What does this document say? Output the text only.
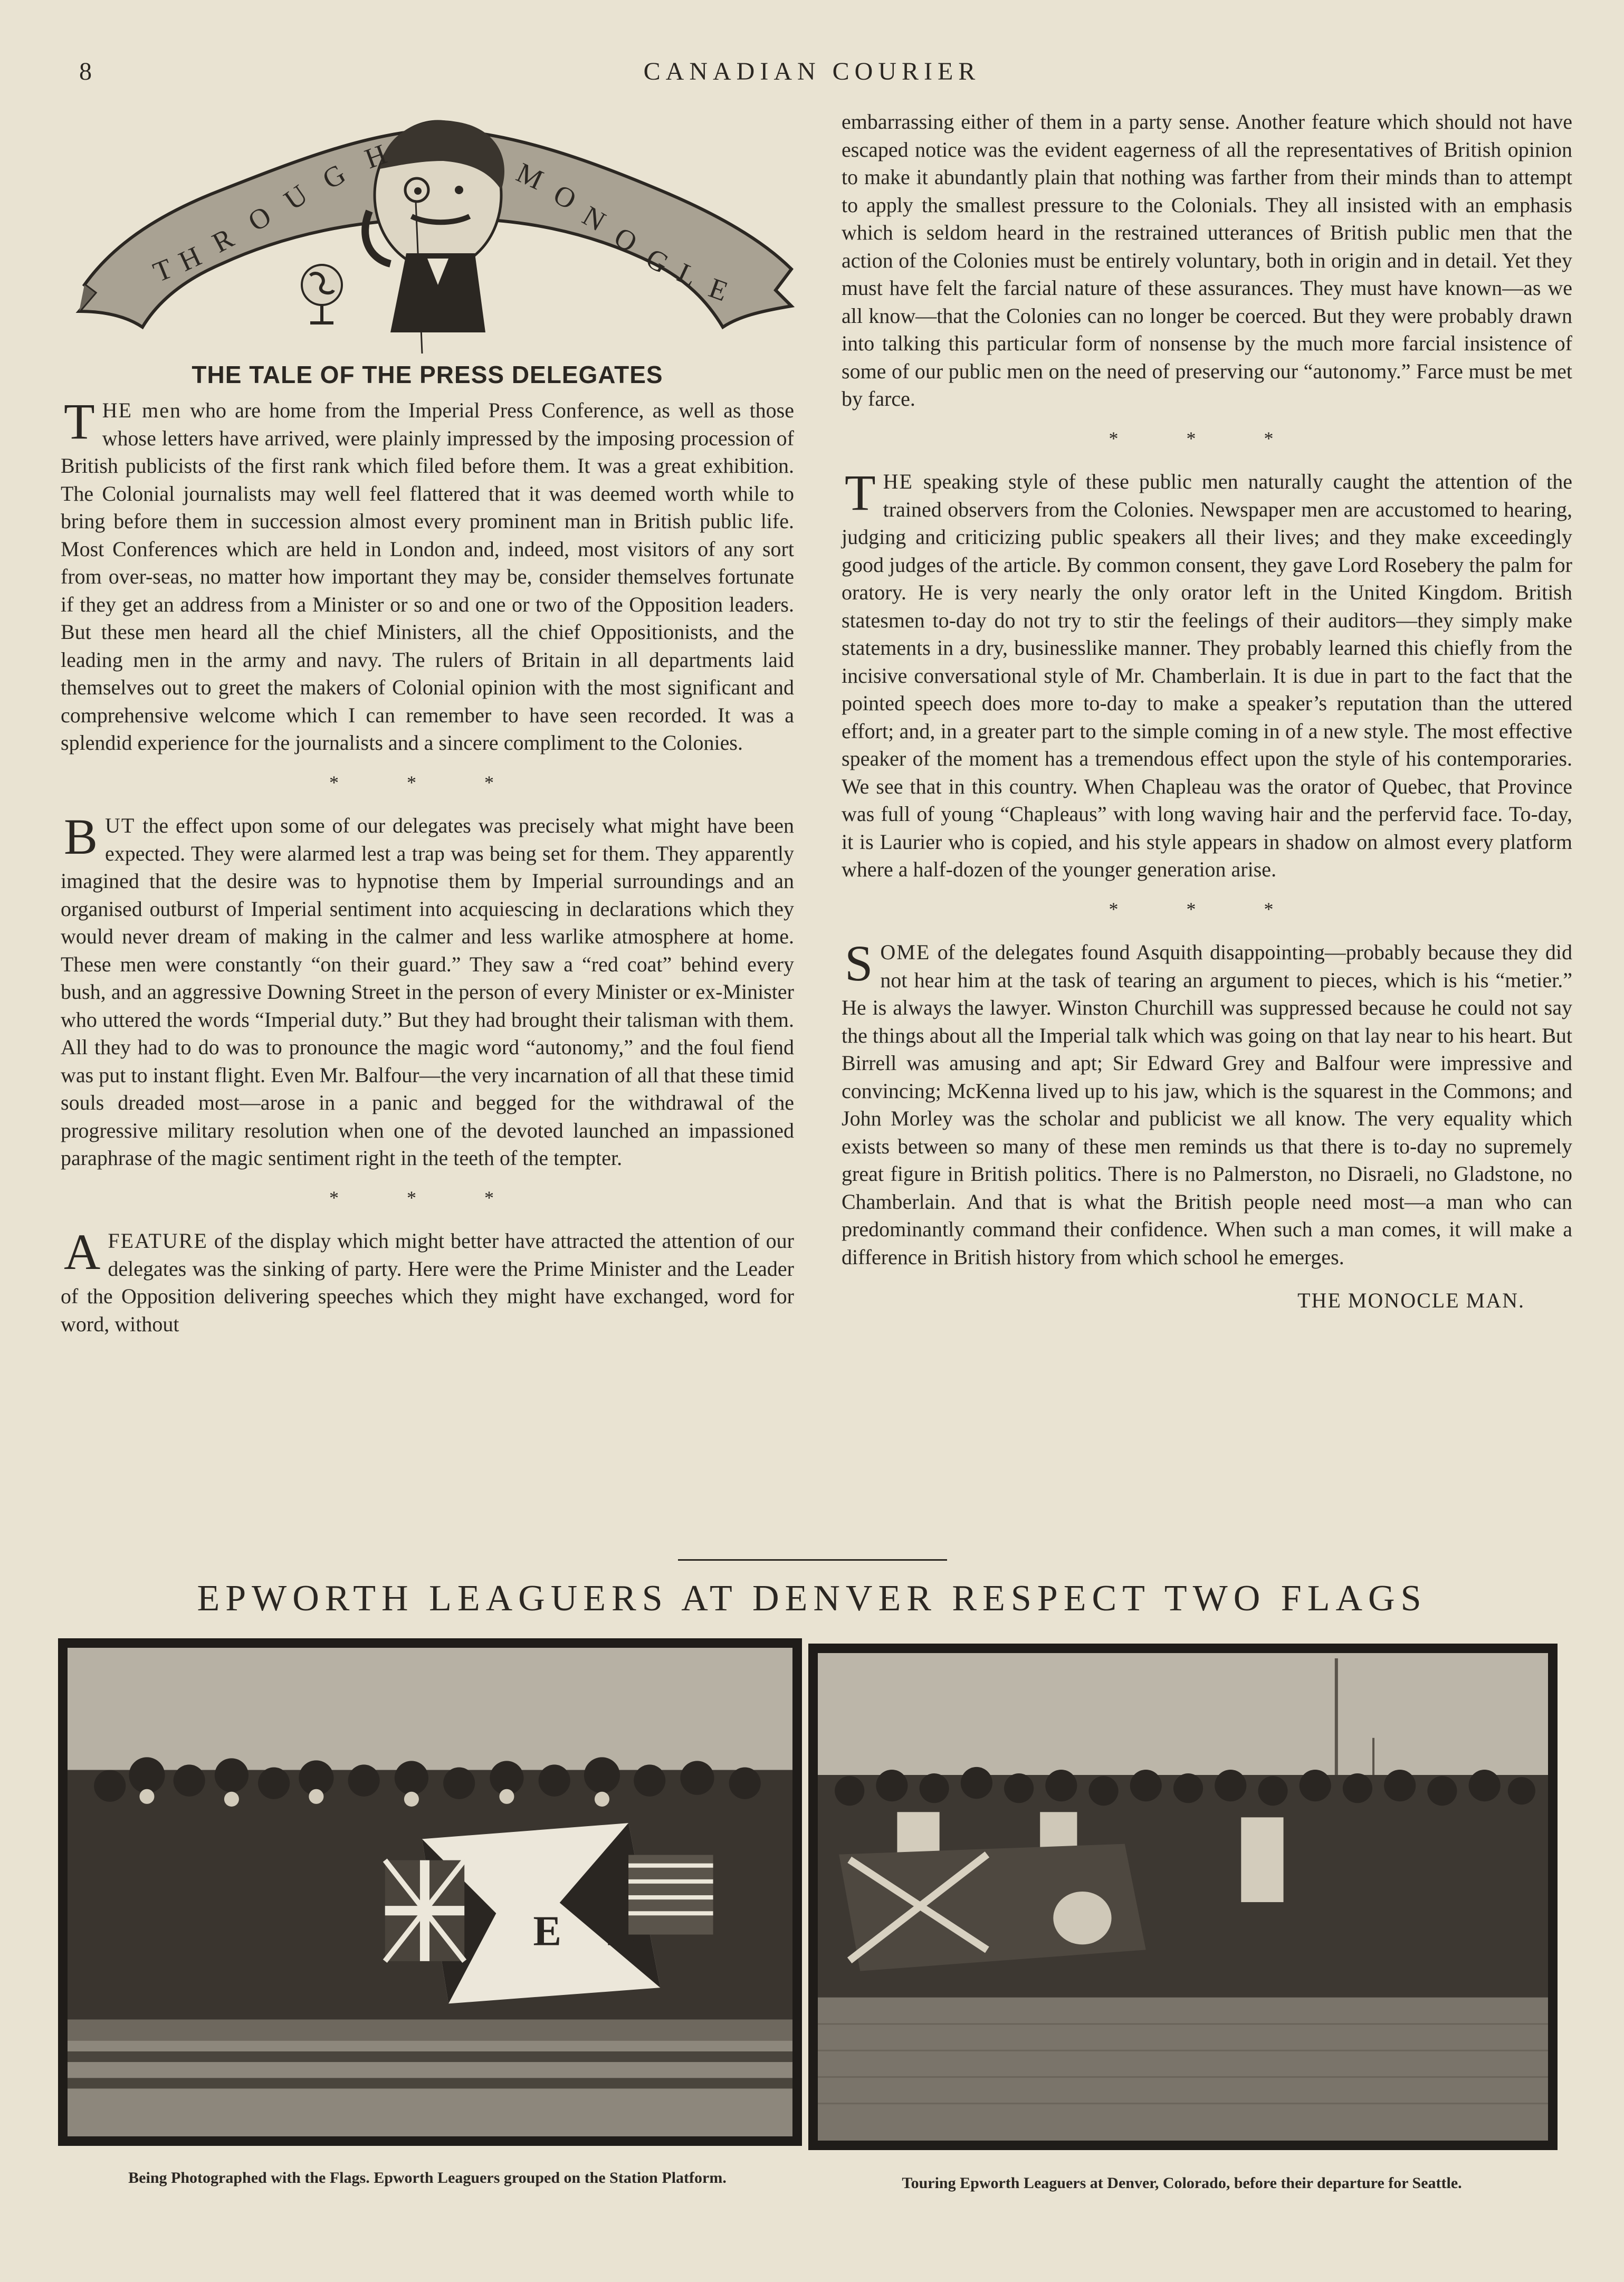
8	CANADIAN COURIER
T
H R
O
U
G
H
M
O
N
O
G
L E
THE TALE OF THE PRESS DELEGATES

THE men who are home from the Imperial Press Conference, as well as those whose letters have arrived, were plainly impressed by the imposing procession of British publicists of the first rank which filed before them. It was a great exhibition. The Colonial journalists may well feel flattered that it was deemed worth while to bring before them in succession almost every prominent man in British public life. Most Conferences which are held in London and, indeed, most visitors of any sort from over-seas, no matter how important they may be, consider themselves fortunate if they get an address from a Minister or so and one or two of the Opposition leaders. But these men heard all the chief Ministers, all the chief Oppositionists, and the leading men in the army and navy. The rulers of Britain in all departments laid themselves out to greet the makers of Colonial opinion with the most significant and comprehensive welcome which I can remember to have seen recorded. It was a splendid experience for the journalists and a sincere compliment to the Colonies.

* * *

BUT the effect upon some of our delegates was precisely what might have been expected. They were alarmed lest a trap was being set for them. They apparently imagined that the desire was to hypnotise them by Imperial surroundings and an organised outburst of Imperial sentiment into acquiescing in declarations which they would never dream of making in the calmer and less warlike atmosphere at home. These men were constantly “on their guard.” They saw a “red coat” behind every bush, and an aggressive Downing Street in the person of every Minister or ex-Minister who uttered the words “Imperial duty.” But they had brought their talisman with them. All they had to do was to pronounce the magic word “autonomy,” and the foul fiend was put to instant flight. Even Mr. Balfour—the very incarnation of all that these timid souls dreaded most—arose in a panic and begged for the withdrawal of the progressive military resolution when one of the devoted launched an impassioned paraphrase of the magic sentiment right in the teeth of the tempter.

* * *

AFEATURE of the display which might better have attracted the attention of our delegates was the sinking of party. Here were the Prime Minister and the Leader of the Opposition delivering speeches which they might have exchanged, word for word, without

embarrassing either of them in a party sense. Another feature which should not have escaped notice was the evident eagerness of all the representatives of British opinion to make it abundantly plain that nothing was farther from their minds than to attempt to apply the smallest pressure to the Colonials. They all insisted with an emphasis which is seldom heard in the restrained utterances of British public men that the action of the Colonies must be entirely voluntary, both in origin and in detail. Yet they must have felt the farcial nature of these assurances. They must have known—as we all know—that the Colonies can no longer be coerced. But they were probably drawn into talking this particular form of nonsense by the much more farcial insistence of some of our public men on the need of preserving our “autonomy.” Farce must be met by farce.

* * *

THE speaking style of these public men naturally caught the attention of the trained observers from the Colonies. Newspaper men are accustomed to hearing, judging and criticizing public speakers all their lives; and they make exceedingly good judges of the article. By common consent, they gave Lord Rosebery the palm for oratory. He is very nearly the only orator left in the United Kingdom. British statesmen to-day do not try to stir the feelings of their auditors—they simply make statements in a dry, businesslike manner. They probably learned this chiefly from the incisive conversational style of Mr. Chamberlain. It is due in part to the fact that the pointed speech does more to-day to make a speaker’s reputation than the uttered effort; and, in a greater part to the simple coming in of a new style. The most effective speaker of the moment has a tremendous effect upon the style of his contemporaries. We see that in this country. When Chapleau was the orator of Quebec, that Province was full of young “Chapleaus” with long waving hair and the perfervid face. To-day, it is Laurier who is copied, and his style appears in shadow on almost every platform where a half-dozen of the younger generation arise.

* * *

SOME of the delegates found Asquith disappointing—probably because they did not hear him at the task of tearing an argument to pieces, which is his “metier.” He is always the lawyer. Winston Churchill was suppressed because he could not say the things about all the Imperial talk which was going on that lay near to his heart. But Birrell was amusing and apt; Sir Edward Grey and Balfour were impressive and convincing; McKenna lived up to his jaw, which is the squarest in the Commons; and John Morley was the scholar and publicist we all know. The very equality which exists between so many of these men reminds us that there is to-day no supremely great figure in British politics. There is no Palmerston, no Disraeli, no Gladstone, no Chamberlain. And that is what the British people need most—a man who can predominantly command their confidence. When such a man comes, it will make a difference in British history from which school he emerges.

THE MONOCLE MAN.
EPWORTH LEAGUERS AT DENVER RESPECT TWO FLAGS
E L
Being Photographed with the Flags. Epworth Leaguers grouped on the Station Platform.	Touring Epworth Leaguers at Denver, Colorado, before their departure for Seattle.
